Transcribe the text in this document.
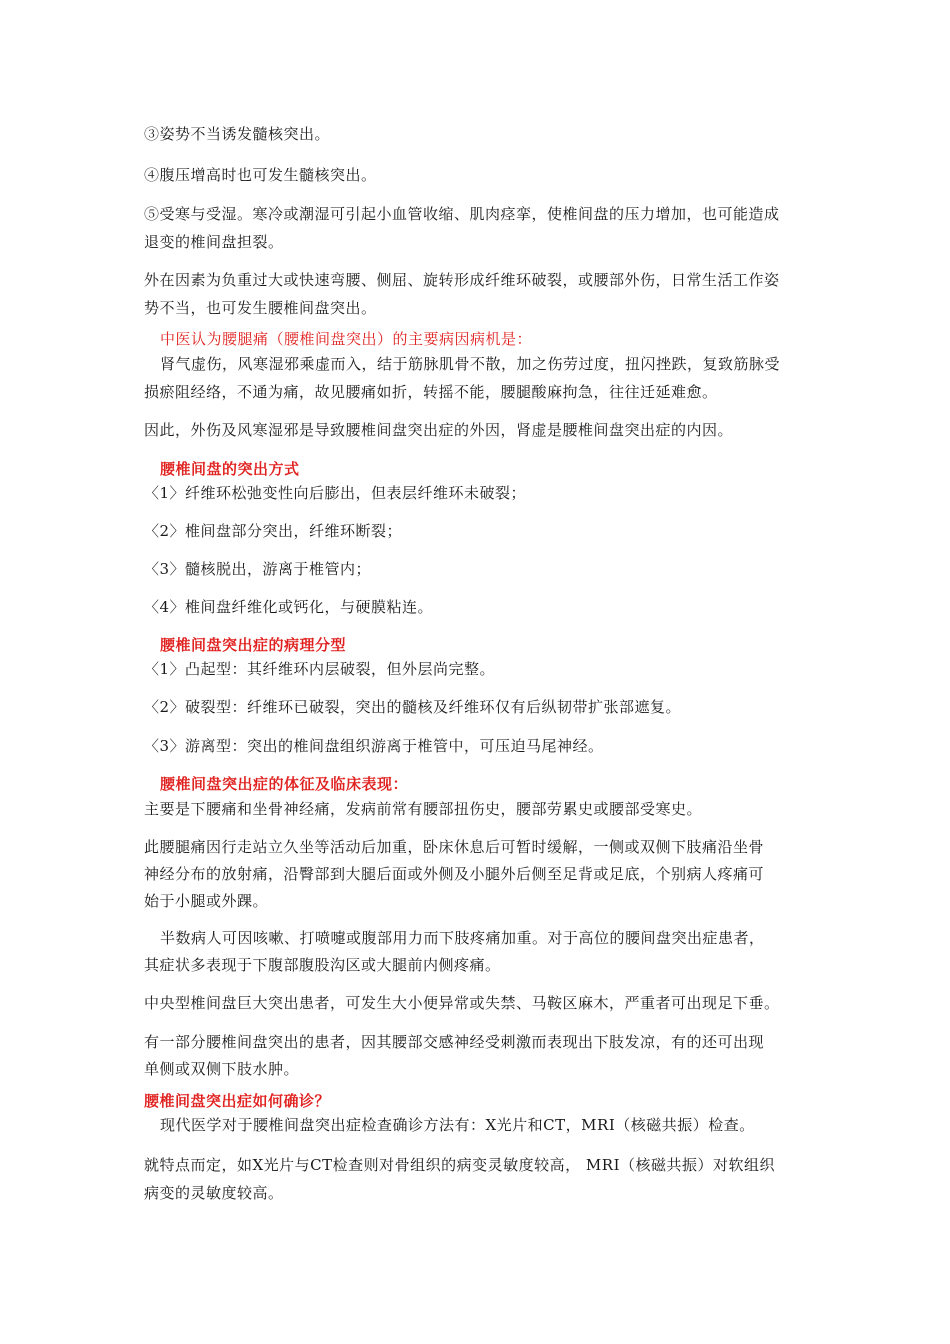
③姿势不当诱发髓核突出。

④腹压增高时也可发生髓核突出。

⑤受寒与受湿。寒冷或潮湿可引起小血管收缩、肌肉痉挛，使椎间盘的压力增加，也可能造成

退变的椎间盘担裂。

外在因素为负重过大或快速弯腰、侧屈、旋转形成纤维环破裂，或腰部外伤，日常生活工作姿

势不当，也可发生腰椎间盘突出。

中医认为腰腿痛（腰椎间盘突出）的主要病因病机是：

肾气虚伤，风寒湿邪乘虚而入，结于筋脉肌骨不散，加之伤劳过度，扭闪挫跌，复致筋脉受

损瘀阻经络，不通为痛，故见腰痛如折，转摇不能，腰腿酸麻拘急，往往迁延难愈。

因此，外伤及风寒湿邪是导致腰椎间盘突出症的外因，肾虚是腰椎间盘突出症的内因。

腰椎间盘的突出方式

〈1〉纤维环松弛变性向后膨出，但表层纤维环未破裂；

〈2〉椎间盘部分突出，纤维环断裂；

〈3〉髓核脱出，游离于椎管内；

〈4〉椎间盘纤维化或钙化，与硬膜粘连。

腰椎间盘突出症的病理分型

〈1〉凸起型：其纤维环内层破裂，但外层尚完整。

〈2〉破裂型：纤维环已破裂，突出的髓核及纤维环仅有后纵韧带扩张部遮复。

〈3〉游离型：突出的椎间盘组织游离于椎管中，可压迫马尾神经。

腰椎间盘突出症的体征及临床表现：

主要是下腰痛和坐骨神经痛，发病前常有腰部扭伤史，腰部劳累史或腰部受寒史。

此腰腿痛因行走站立久坐等活动后加重，卧床休息后可暂时缓解，一侧或双侧下肢痛沿坐骨

神经分布的放射痛，沿臀部到大腿后面或外侧及小腿外后侧至足背或足底，个别病人疼痛可

始于小腿或外踝。

半数病人可因咳嗽、打喷嚏或腹部用力而下肢疼痛加重。对于高位的腰间盘突出症患者，

其症状多表现于下腹部腹股沟区或大腿前内侧疼痛。

中央型椎间盘巨大突出患者，可发生大小便异常或失禁、马鞍区麻木，严重者可出现足下垂。

有一部分腰椎间盘突出的患者，因其腰部交感神经受刺激而表现出下肢发凉，有的还可出现

单侧或双侧下肢水肿。

腰椎间盘突出症如何确诊？

现代医学对于腰椎间盘突出症检查确诊方法有：X光片和CT，MRI（核磁共振）检查。

就特点而定，如X光片与CT检查则对骨组织的病变灵敏度较高， MRI（核磁共振）对软组织

病变的灵敏度较高。
